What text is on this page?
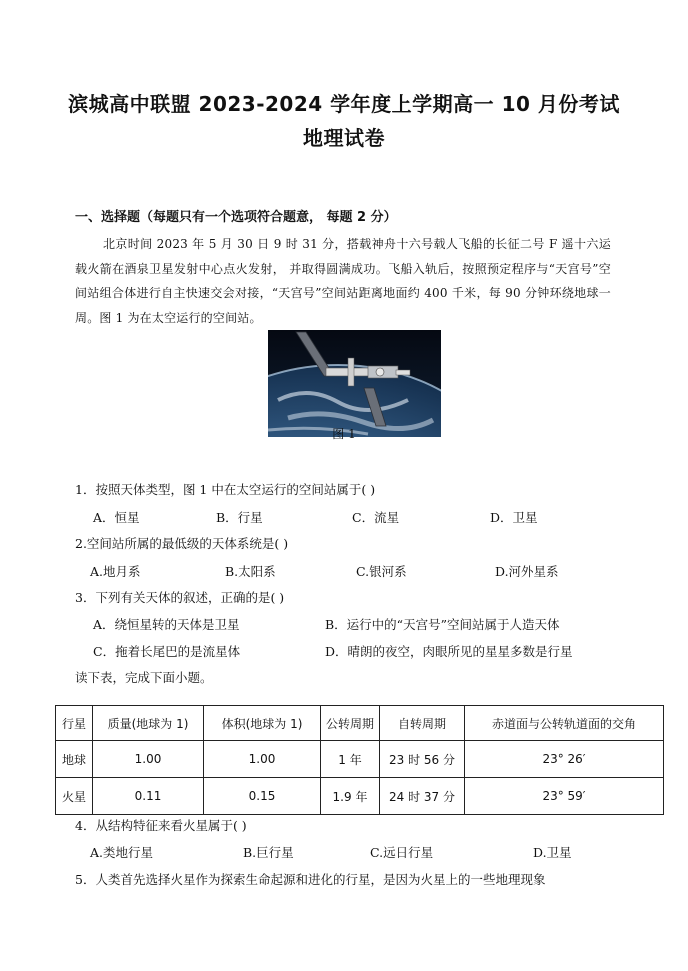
滨城高中联盟 2023-2024 学年度上学期高一 10 月份考试
地理试卷
一、选择题（每题只有一个选项符合题意， 每题 2 分）
北京时间 2023 年 5 月 30 日 9 时 31 分，搭载神舟十六号载人飞船的长征二号 F 遥十六运载火箭在酒泉卫星发射中心点火发射， 并取得圆满成功。飞船入轨后，按照预定程序与“天宫号”空间站组合体进行自主快速交会对接，“天宫号”空间站距离地面约 400 千米，每 90 分钟环绕地球一周。图 1 为在太空运行的空间站。
图 1
1．按照天体类型，图 1 中在太空运行的空间站属于( )
A．恒星	B．行星	C．流星	D．卫星
2.空间站所属的最低级的天体系统是( )
A.地月系	B.太阳系	C.银河系	D.河外星系
3．下列有关天体的叙述，正确的是( )
A．绕恒星转的天体是卫星	B．运行中的“天宫号”空间站属于人造天体
C．拖着长尾巴的是流星体	D．晴朗的夜空，肉眼所见的星星多数是行星
读下表，完成下面小题。
行星	质量(地球为 1)	体积(地球为 1)	公转周期	自转周期	赤道面与公转轨道面的交角
地球	1.00	1.00	1 年	23 时 56 分	23° 26′
火星	0.11	0.15	1.9 年	24 时 37 分	23° 59′
4．从结构特征来看火星属于( )
A.类地行星	B.巨行星	C.远日行星	D.卫星
5．人类首先选择火星作为探索生命起源和进化的行星，是因为火星上的一些地理现象
